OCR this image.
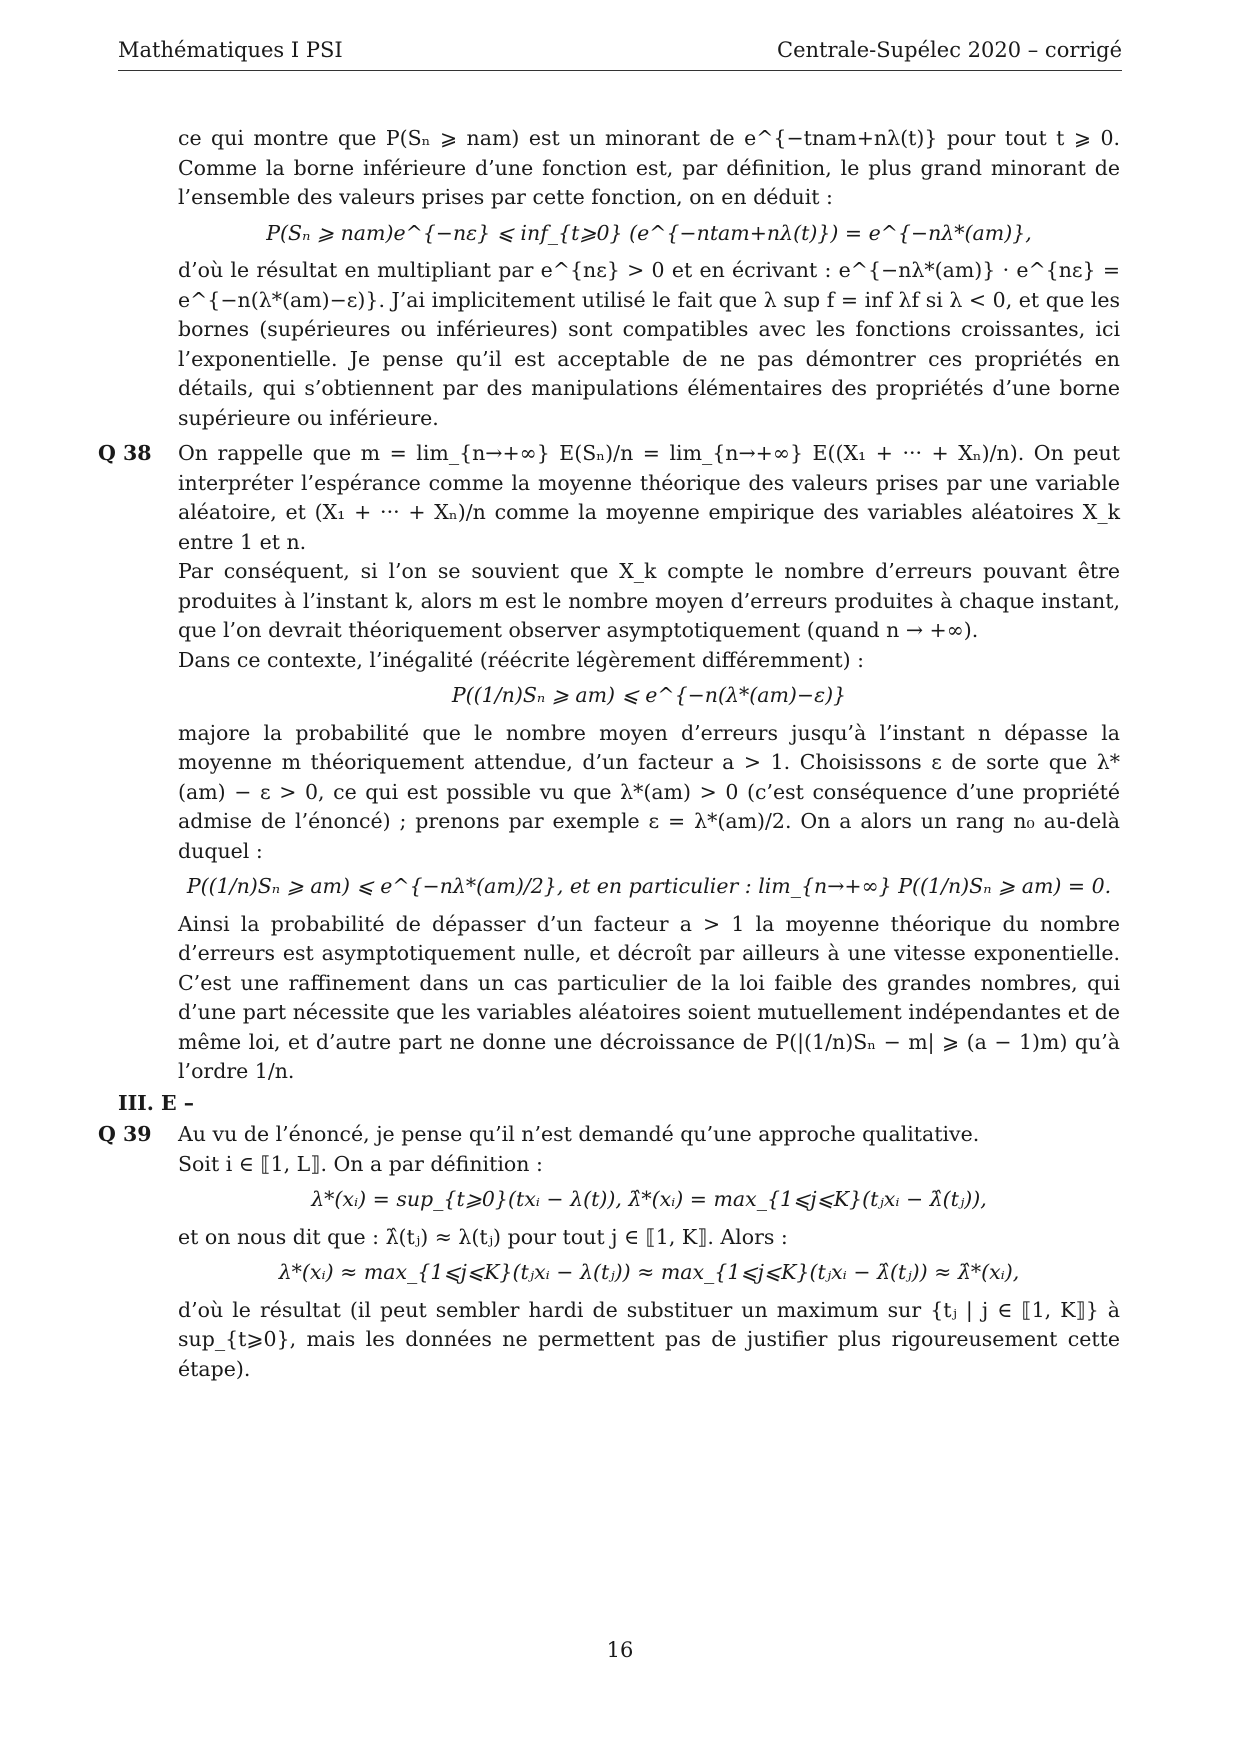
Mathématiques I PSI	Centrale-Supélec 2020 – corrigé

ce qui montre que P(Sₙ ⩾ nam) est un minorant de e^{−tnam+nλ(t)} pour tout t ⩾ 0. Comme la borne inférieure d’une fonction est, par définition, le plus grand minorant de l’ensemble des valeurs prises par cette fonction, on en déduit :

P(Sₙ ⩾ nam)e^{−nε} ⩽ inf_{t⩾0} (e^{−ntam+nλ(t)}) = e^{−nλ*(am)},

d’où le résultat en multipliant par e^{nε} > 0 et en écrivant : e^{−nλ*(am)} · e^{nε} = e^{−n(λ*(am)−ε)}. J’ai implicitement utilisé le fait que λ sup f = inf λf si λ < 0, et que les bornes (supérieures ou inférieures) sont compatibles avec les fonctions croissantes, ici l’exponentielle. Je pense qu’il est acceptable de ne pas démontrer ces propriétés en détails, qui s’obtiennent par des manipulations élémentaires des propriétés d’une borne supérieure ou inférieure.

Q 38 On rappelle que m = lim_{n→+∞} E(Sₙ)/n = lim_{n→+∞} E((X₁ + ··· + Xₙ)/n). On peut interpréter l’espérance comme la moyenne théorique des valeurs prises par une variable aléatoire, et (X₁ + ··· + Xₙ)/n comme la moyenne empirique des variables aléatoires X_k entre 1 et n.

Par conséquent, si l’on se souvient que X_k compte le nombre d’erreurs pouvant être produites à l’instant k, alors m est le nombre moyen d’erreurs produites à chaque instant, que l’on devrait théoriquement observer asymptotiquement (quand n → +∞).

Dans ce contexte, l’inégalité (réécrite légèrement différemment) :

P((1/n)Sₙ ⩾ am) ⩽ e^{−n(λ*(am)−ε)}

majore la probabilité que le nombre moyen d’erreurs jusqu’à l’instant n dépasse la moyenne m théoriquement attendue, d’un facteur a > 1. Choisissons ε de sorte que λ*(am) − ε > 0, ce qui est possible vu que λ*(am) > 0 (c’est conséquence d’une propriété admise de l’énoncé) ; prenons par exemple ε = λ*(am)/2. On a alors un rang n₀ au-delà duquel :

P((1/n)Sₙ ⩾ am) ⩽ e^{−nλ*(am)/2}, et en particulier : lim_{n→+∞} P((1/n)Sₙ ⩾ am) = 0.

Ainsi la probabilité de dépasser d’un facteur a > 1 la moyenne théorique du nombre d’erreurs est asymptotiquement nulle, et décroît par ailleurs à une vitesse exponentielle. C’est une raffinement dans un cas particulier de la loi faible des grandes nombres, qui d’une part nécessite que les variables aléatoires soient mutuellement indépendantes et de même loi, et d’autre part ne donne une décroissance de P(|(1/n)Sₙ − m| ⩾ (a − 1)m) qu’à l’ordre 1/n.

III. E –
Q 39 Au vu de l’énoncé, je pense qu’il n’est demandé qu’une approche qualitative.

Soit i ∈ ⟦1, L⟧. On a par définition :

λ*(xᵢ) = sup_{t⩾0}(txᵢ − λ(t)), λ̂*(xᵢ) = max_{1⩽j⩽K}(tⱼxᵢ − λ̂(tⱼ)),

et on nous dit que : λ̂(tⱼ) ≈ λ(tⱼ) pour tout j ∈ ⟦1, K⟧. Alors :

λ*(xᵢ) ≈ max_{1⩽j⩽K}(tⱼxᵢ − λ(tⱼ)) ≈ max_{1⩽j⩽K}(tⱼxᵢ − λ̂(tⱼ)) ≈ λ̂*(xᵢ),

d’où le résultat (il peut sembler hardi de substituer un maximum sur {tⱼ | j ∈ ⟦1, K⟧} à sup_{t⩾0}, mais les données ne permettent pas de justifier plus rigoureusement cette étape).

16
